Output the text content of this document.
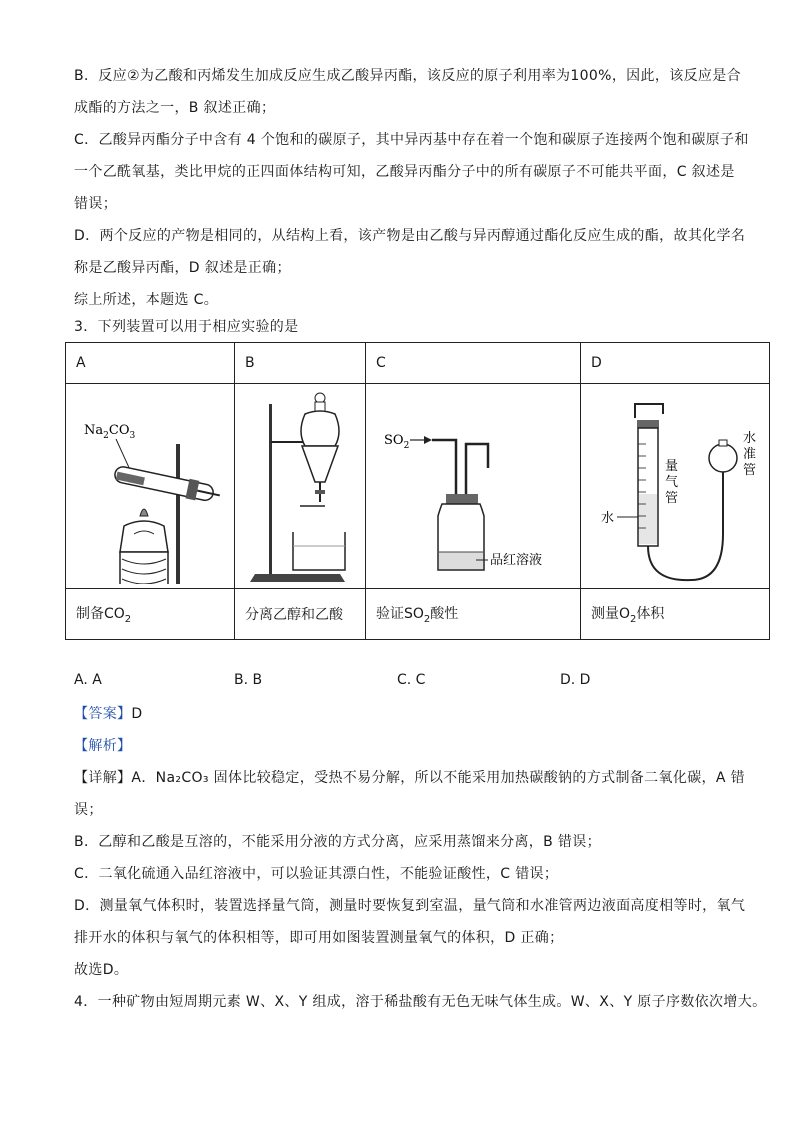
B．反应②为乙酸和丙烯发生加成反应生成乙酸异丙酯，该反应的原子利用率为100%，因此，该反应是合
成酯的方法之一，B 叙述正确；
C．乙酸异丙酯分子中含有 4 个饱和的碳原子，其中异丙基中存在着一个饱和碳原子连接两个饱和碳原子和
一个乙酰氧基，类比甲烷的正四面体结构可知，乙酸异丙酯分子中的所有碳原子不可能共平面，C 叙述是
错误；
D．两个反应的产物是相同的，从结构上看，该产物是由乙酸与异丙醇通过酯化反应生成的酯，故其化学名
称是乙酸异丙酯，D 叙述是正确；
综上所述，本题选 C。
3．下列装置可以用于相应实验的是
A	B	C	D

$Na_2CO_3$		$SO_2$
品红溶液	水
量气管
水准管

制备$CO_2$	分离乙醇和乙酸	验证$SO_2$酸性	测量$O_2$体积
A. A	B. B	C. C	D. D
【答案】D
【解析】
【详解】A．Na₂CO₃ 固体比较稳定，受热不易分解，所以不能采用加热碳酸钠的方式制备二氧化碳，A 错
误；
B．乙醇和乙酸是互溶的，不能采用分液的方式分离，应采用蒸馏来分离，B 错误；
C．二氧化硫通入品红溶液中，可以验证其漂白性，不能验证酸性，C 错误；
D．测量氧气体积时，装置选择量气筒，测量时要恢复到室温，量气筒和水准管两边液面高度相等时，氧气
排开水的体积与氧气的体积相等，即可用如图装置测量氧气的体积，D 正确；
故选D。
4．一种矿物由短周期元素 W、X、Y 组成，溶于稀盐酸有无色无味气体生成。W、X、Y 原子序数依次增大。
